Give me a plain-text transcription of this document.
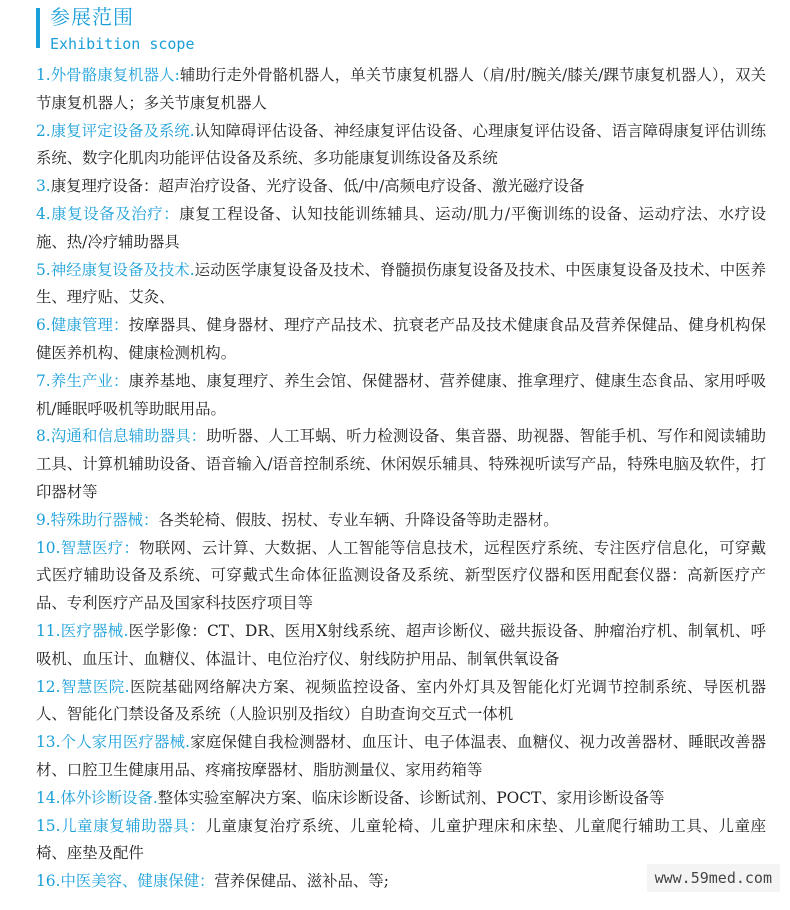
参展范围
Exhibition scope
1.外骨骼康复机器人:辅助行走外骨骼机器人，单关节康复机器人（肩/肘/腕关/膝关/踝节康复机器人），双关节康复机器人；多关节康复机器人
2.康复评定设备及系统.认知障碍评估设备、神经康复评估设备、心理康复评估设备、语言障碍康复评估训练系统、数字化肌肉功能评估设备及系统、多功能康复训练设备及系统
3.康复理疗设备：超声治疗设备、光疗设备、低/中/高频电疗设备、激光磁疗设备
4.康复设备及治疗：康复工程设备、认知技能训练辅具、运动/肌力/平衡训练的设备、运动疗法、水疗设施、热/冷疗辅助器具
5.神经康复设备及技术.运动医学康复设备及技术、脊髓损伤康复设备及技术、中医康复设备及技术、中医养生、理疗贴、艾灸、
6.健康管理：按摩器具、健身器材、理疗产品技术、抗衰老产品及技术健康食品及营养保健品、健身机构保健医养机构、健康检测机构。
7.养生产业：康养基地、康复理疗、养生会馆、保健器材、营养健康、推拿理疗、健康生态食品、家用呼吸机/睡眠呼吸机等助眠用品。
8.沟通和信息辅助器具：助听器、人工耳蜗、听力检测设备、集音器、助视器、智能手机、写作和阅读辅助工具、计算机辅助设备、语音输入/语音控制系统、休闲娱乐辅具、特殊视听读写产品，特殊电脑及软件，打印器材等
9.特殊助行器械：各类轮椅、假肢、拐杖、专业车辆、升降设备等助走器材。
10.智慧医疗：物联网、云计算、大数据、人工智能等信息技术，远程医疗系统、专注医疗信息化，可穿戴式医疗辅助设备及系统、可穿戴式生命体征监测设备及系统、新型医疗仪器和医用配套仪器：高新医疗产品、专利医疗产品及国家科技医疗项目等
11.医疗器械.医学影像：CT、DR、医用X射线系统、超声诊断仪、磁共振设备、肿瘤治疗机、制氧机、呼吸机、血压计、血糖仪、体温计、电位治疗仪、射线防护用品、制氧供氧设备
12.智慧医院.医院基础网络解决方案、视频监控设备、室内外灯具及智能化灯光调节控制系统、导医机器人、智能化门禁设备及系统（人脸识别及指纹）自助查询交互式一体机
13.个人家用医疗器械.家庭保健自我检测器材、血压计、电子体温表、血糖仪、视力改善器材、睡眠改善器材、口腔卫生健康用品、疼痛按摩器材、脂肪测量仪、家用药箱等
14.体外诊断设备.整体实验室解决方案、临床诊断设备、诊断试剂、POCT、家用诊断设备等
15.儿童康复辅助器具：儿童康复治疗系统、儿童轮椅、儿童护理床和床垫、儿童爬行辅助工具、儿童座椅、座垫及配件
16.中医美容、健康保健：营养保健品、滋补品、等;	www.59med.com
